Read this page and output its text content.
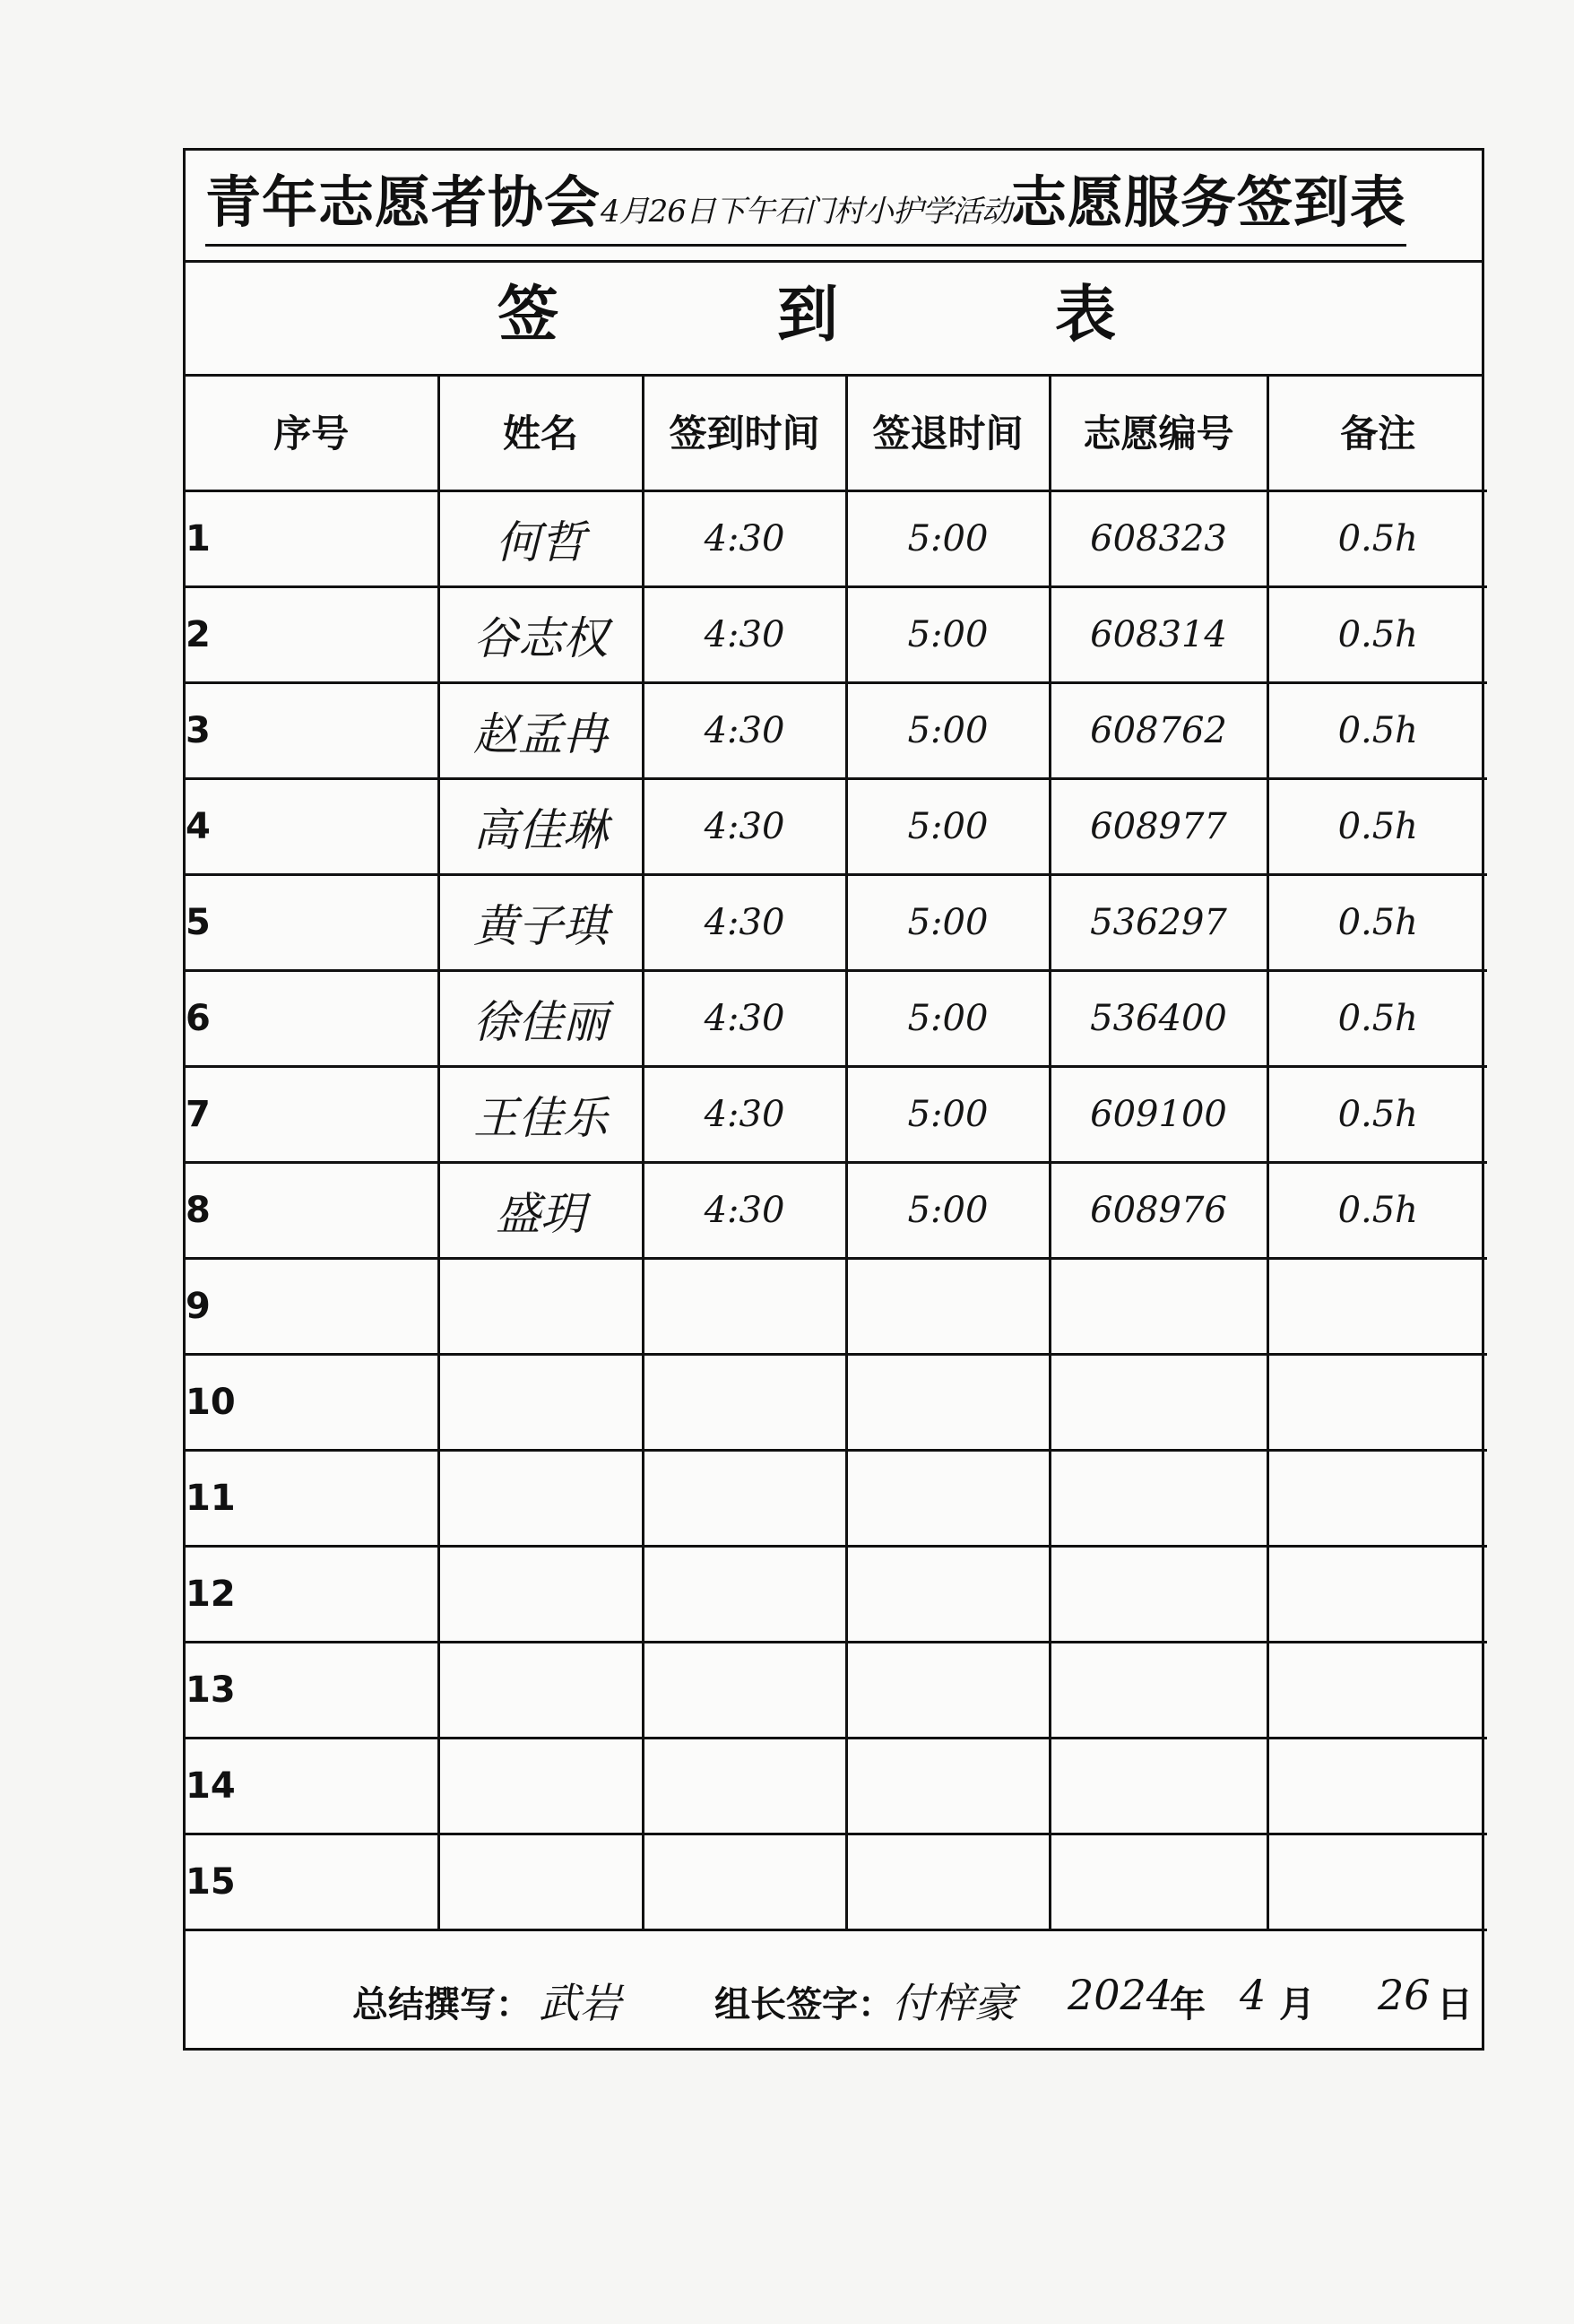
青年志愿者协会4月26日下午石门村小护学活动志愿服务签到表
签	到	表
序号	姓名	签到时间	签退时间	志愿编号	备注
1	何哲	4:30	5:00	608323	0.5h
2	谷志权	4:30	5:00	608314	0.5h
3	赵孟冉	4:30	5:00	608762	0.5h
4	高佳琳	4:30	5:00	608977	0.5h
5	黄子琪	4:30	5:00	536297	0.5h
6	徐佳丽	4:30	5:00	536400	0.5h
7	王佳乐	4:30	5:00	609100	0.5h
8	盛玥	4:30	5:00	608976	0.5h
9					
10					
11					
12					
13					
14					
15					
总结撰写： 武岩	组长签字：
付梓豪 2024
年 4 月 26 日
